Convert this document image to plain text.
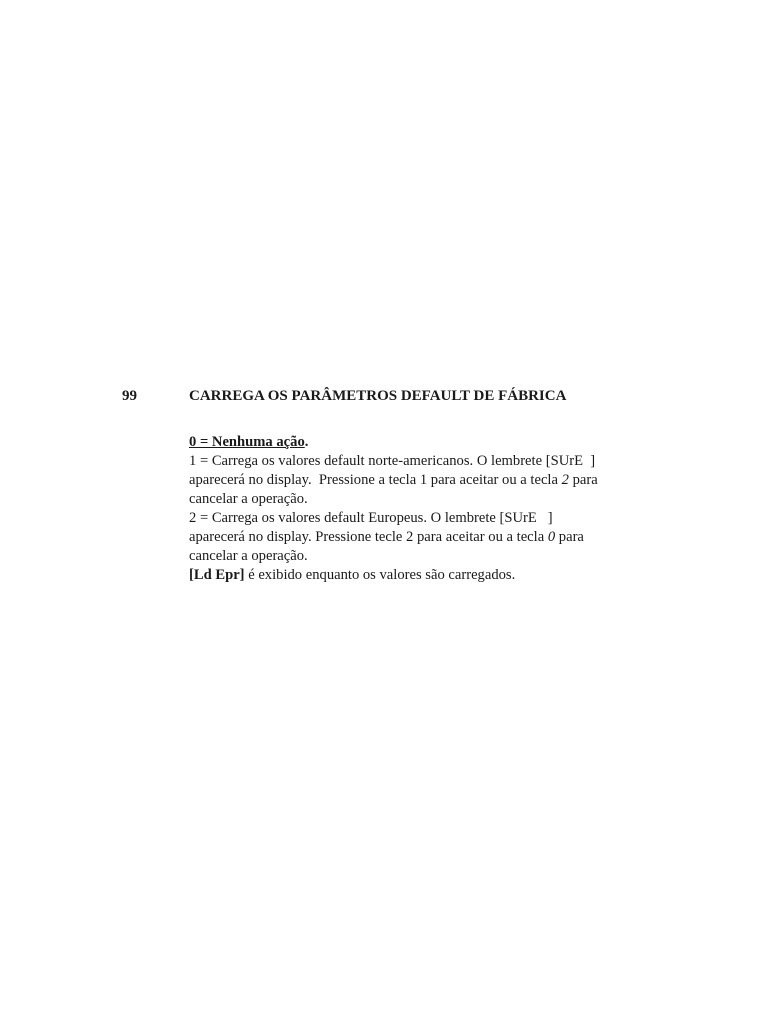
99	CARREGA OS PARÂMETROS DEFAULT DE FÁBRICA
0 = Nenhuma ação.
1 = Carrega os valores default norte-americanos. O lembrete [SUrE  ]
aparecerá no display.  Pressione a tecla 1 para aceitar ou a tecla 2 para
cancelar a operação.
2 = Carrega os valores default Europeus. O lembrete [SUrE   ]
aparecerá no display. Pressione tecle 2 para aceitar ou a tecla 0 para
cancelar a operação.
[Ld Epr] é exibido enquanto os valores são carregados.
